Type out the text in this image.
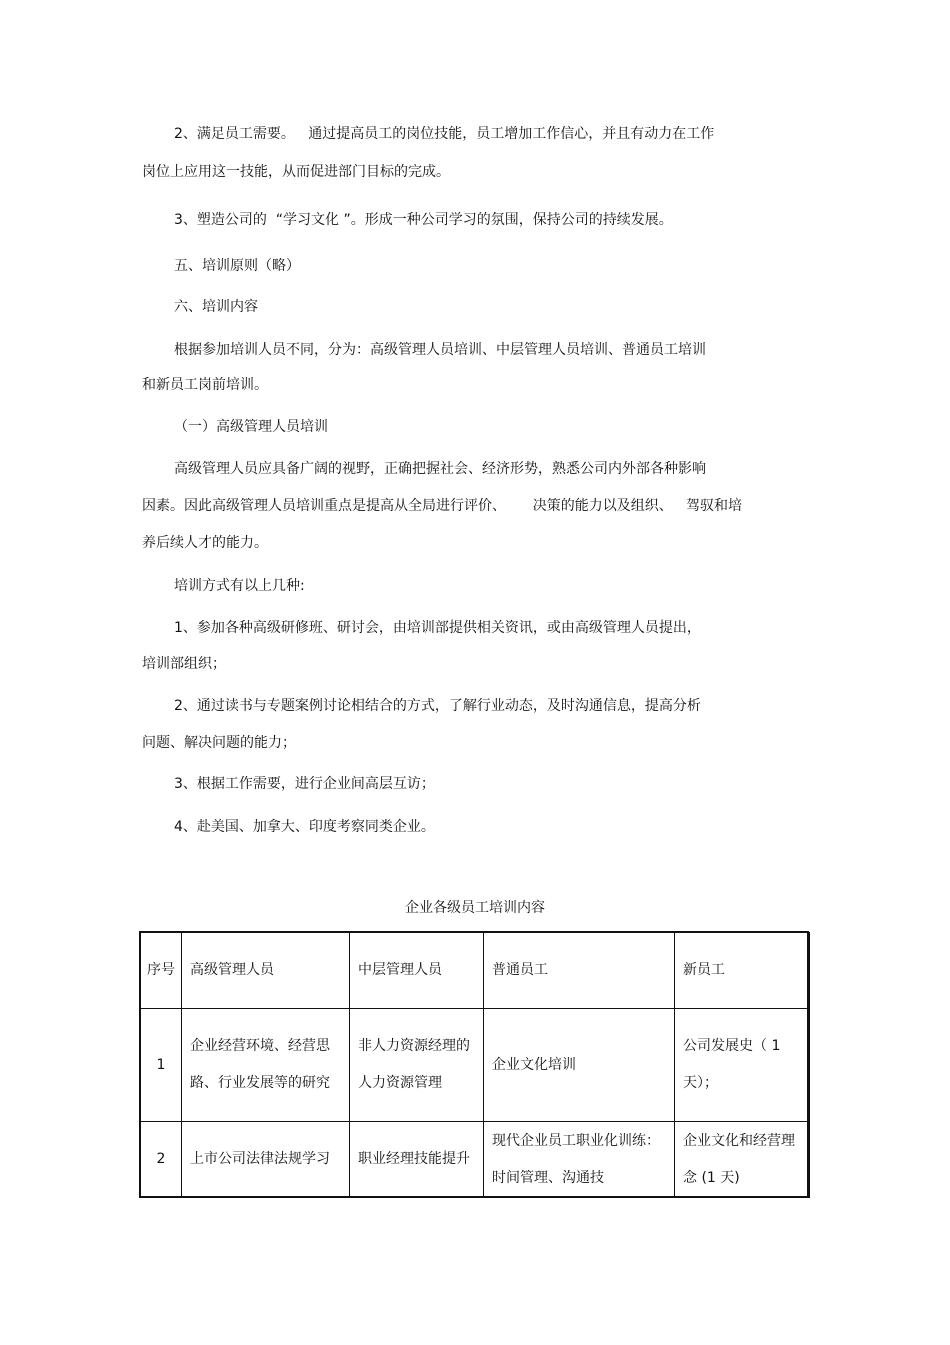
2、满足员工需要。   通过提高员工的岗位技能，员工增加工作信心，并且有动力在工作
岗位上应用这一技能，从而促进部门目标的完成。
3、塑造公司的  “学习文化 ”。形成一种公司学习的氛围，保持公司的持续发展。
五、培训原则（略）
六、培训内容
根据参加培训人员不同，分为：高级管理人员培训、中层管理人员培训、普通员工培训
和新员工岗前培训。
（一）高级管理人员培训
高级管理人员应具备广阔的视野，正确把握社会、经济形势，熟悉公司内外部各种影响
因素。因此高级管理人员培训重点是提高从全局进行评价、      决策的能力以及组织、   驾驭和培
养后续人才的能力。
培训方式有以上几种:
1、参加各种高级研修班、研讨会，由培训部提供相关资讯，或由高级管理人员提出，
培训部组织；
2、通过读书与专题案例讨论相结合的方式，了解行业动态，及时沟通信息，提高分析
问题、解决问题的能力；
3、根据工作需要，进行企业间高层互访；
4、赴美国、加拿大、印度考察同类企业。
企业各级员工培训内容
序号	高级管理人员	中层管理人员	普通员工	新员工
1	企业经营环境、经营思路、行业发展等的研究	非人力资源经理的人力资源管理	企业文化培训	公司发展史（ 1 天）；
2	上市公司法律法规学习	职业经理技能提升	现代企业员工职业化训练：时间管理、沟通技	企业文化和经营理念 (1 天)
